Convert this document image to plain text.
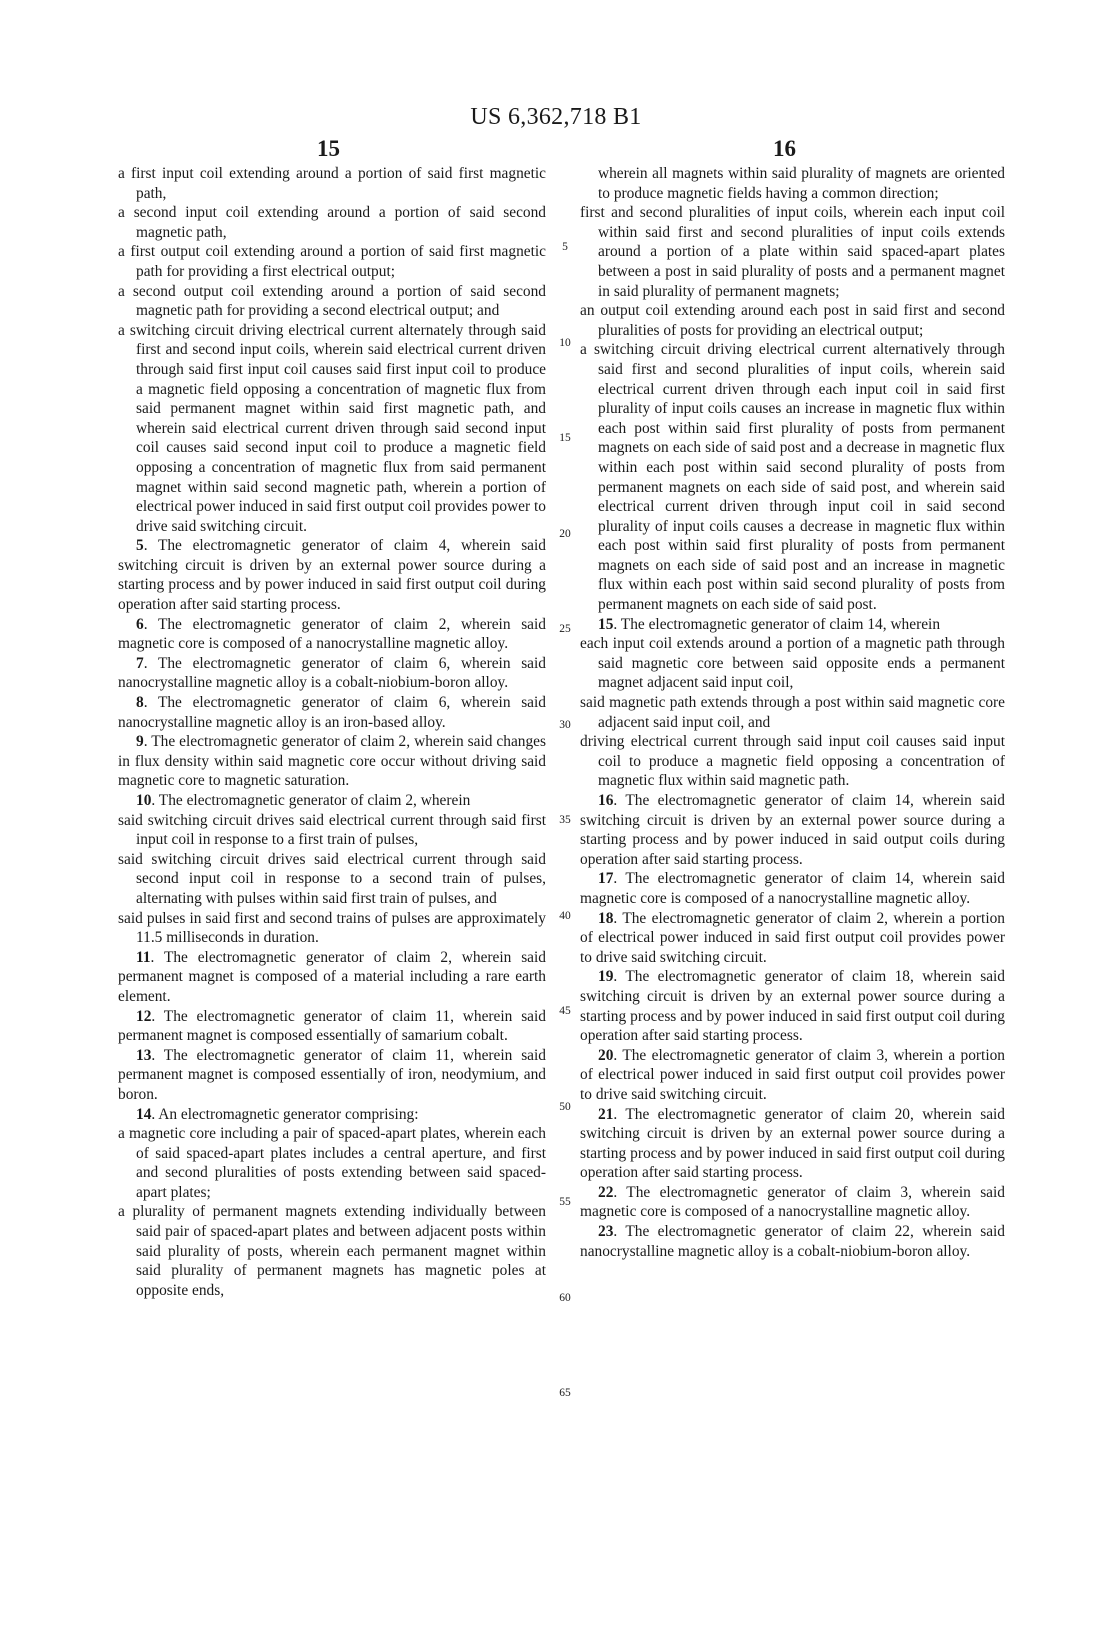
US 6,362,718 B1
15	16

a first input coil extending around a portion of said first magnetic path,

a second input coil extending around a portion of said second magnetic path,

a first output coil extending around a portion of said first magnetic path for providing a first electrical output;

a second output coil extending around a portion of said second magnetic path for providing a second electrical output; and

a switching circuit driving electrical current alternately through said first and second input coils, wherein said electrical current driven through said first input coil causes said first input coil to produce a magnetic field opposing a concentration of magnetic flux from said permanent magnet within said first magnetic path, and wherein said electrical current driven through said second input coil causes said second input coil to produce a magnetic field opposing a concentration of magnetic flux from said permanent magnet within said second magnetic path, wherein a portion of electrical power induced in said first output coil provides power to drive said switching circuit.

5. The electromagnetic generator of claim 4, wherein said switching circuit is driven by an external power source during a starting process and by power induced in said first output coil during operation after said starting process.

6. The electromagnetic generator of claim 2, wherein said magnetic core is composed of a nanocrystalline magnetic alloy.

7. The electromagnetic generator of claim 6, wherein said nanocrystalline magnetic alloy is a cobalt-niobium-boron alloy.

8. The electromagnetic generator of claim 6, wherein said nanocrystalline magnetic alloy is an iron-based alloy.

9. The electromagnetic generator of claim 2, wherein said changes in flux density within said magnetic core occur without driving said magnetic core to magnetic saturation.

10. The electromagnetic generator of claim 2, wherein

said switching circuit drives said electrical current through said first input coil in response to a first train of pulses,

said switching circuit drives said electrical current through said second input coil in response to a second train of pulses, alternating with pulses within said first train of pulses, and

said pulses in said first and second trains of pulses are approximately 11.5 milliseconds in duration.

11. The electromagnetic generator of claim 2, wherein said permanent magnet is composed of a material including a rare earth element.

12. The electromagnetic generator of claim 11, wherein said permanent magnet is composed essentially of samarium cobalt.

13. The electromagnetic generator of claim 11, wherein said permanent magnet is composed essentially of iron, neodymium, and boron.

14. An electromagnetic generator comprising:

a magnetic core including a pair of spaced-apart plates, wherein each of said spaced-apart plates includes a central aperture, and first and second pluralities of posts extending between said spaced-apart plates;

a plurality of permanent magnets extending individually between said pair of spaced-apart plates and between adjacent posts within said plurality of posts, wherein each permanent magnet within said plurality of permanent magnets has magnetic poles at opposite ends,

wherein all magnets within said plurality of magnets are oriented to produce magnetic fields having a common direction;

first and second pluralities of input coils, wherein each input coil within said first and second pluralities of input coils extends around a portion of a plate within said spaced-apart plates between a post in said plurality of posts and a permanent magnet in said plurality of permanent magnets;

an output coil extending around each post in said first and second pluralities of posts for providing an electrical output;

a switching circuit driving electrical current alternatively through said first and second pluralities of input coils, wherein said electrical current driven through each input coil in said first plurality of input coils causes an increase in magnetic flux within each post within said first plurality of posts from permanent magnets on each side of said post and a decrease in magnetic flux within each post within said second plurality of posts from permanent magnets on each side of said post, and wherein said electrical current driven through input coil in said second plurality of input coils causes a decrease in magnetic flux within each post within said first plurality of posts from permanent magnets on each side of said post and an increase in magnetic flux within each post within said second plurality of posts from permanent magnets on each side of said post.

15. The electromagnetic generator of claim 14, wherein

each input coil extends around a portion of a magnetic path through said magnetic core between said opposite ends a permanent magnet adjacent said input coil,

said magnetic path extends through a post within said magnetic core adjacent said input coil, and

driving electrical current through said input coil causes said input coil to produce a magnetic field opposing a concentration of magnetic flux within said magnetic path.

16. The electromagnetic generator of claim 14, wherein said switching circuit is driven by an external power source during a starting process and by power induced in said output coils during operation after said starting process.

17. The electromagnetic generator of claim 14, wherein said magnetic core is composed of a nanocrystalline magnetic alloy.

18. The electromagnetic generator of claim 2, wherein a portion of electrical power induced in said first output coil provides power to drive said switching circuit.

19. The electromagnetic generator of claim 18, wherein said switching circuit is driven by an external power source during a starting process and by power induced in said first output coil during operation after said starting process.

20. The electromagnetic generator of claim 3, wherein a portion of electrical power induced in said first output coil provides power to drive said switching circuit.

21. The electromagnetic generator of claim 20, wherein said switching circuit is driven by an external power source during a starting process and by power induced in said first output coil during operation after said starting process.

22. The electromagnetic generator of claim 3, wherein said magnetic core is composed of a nanocrystalline magnetic alloy.

23. The electromagnetic generator of claim 22, wherein said nanocrystalline magnetic alloy is a cobalt-niobium-boron alloy.

5
10
15
20
25
30
35
40
45
50
55
60
65
